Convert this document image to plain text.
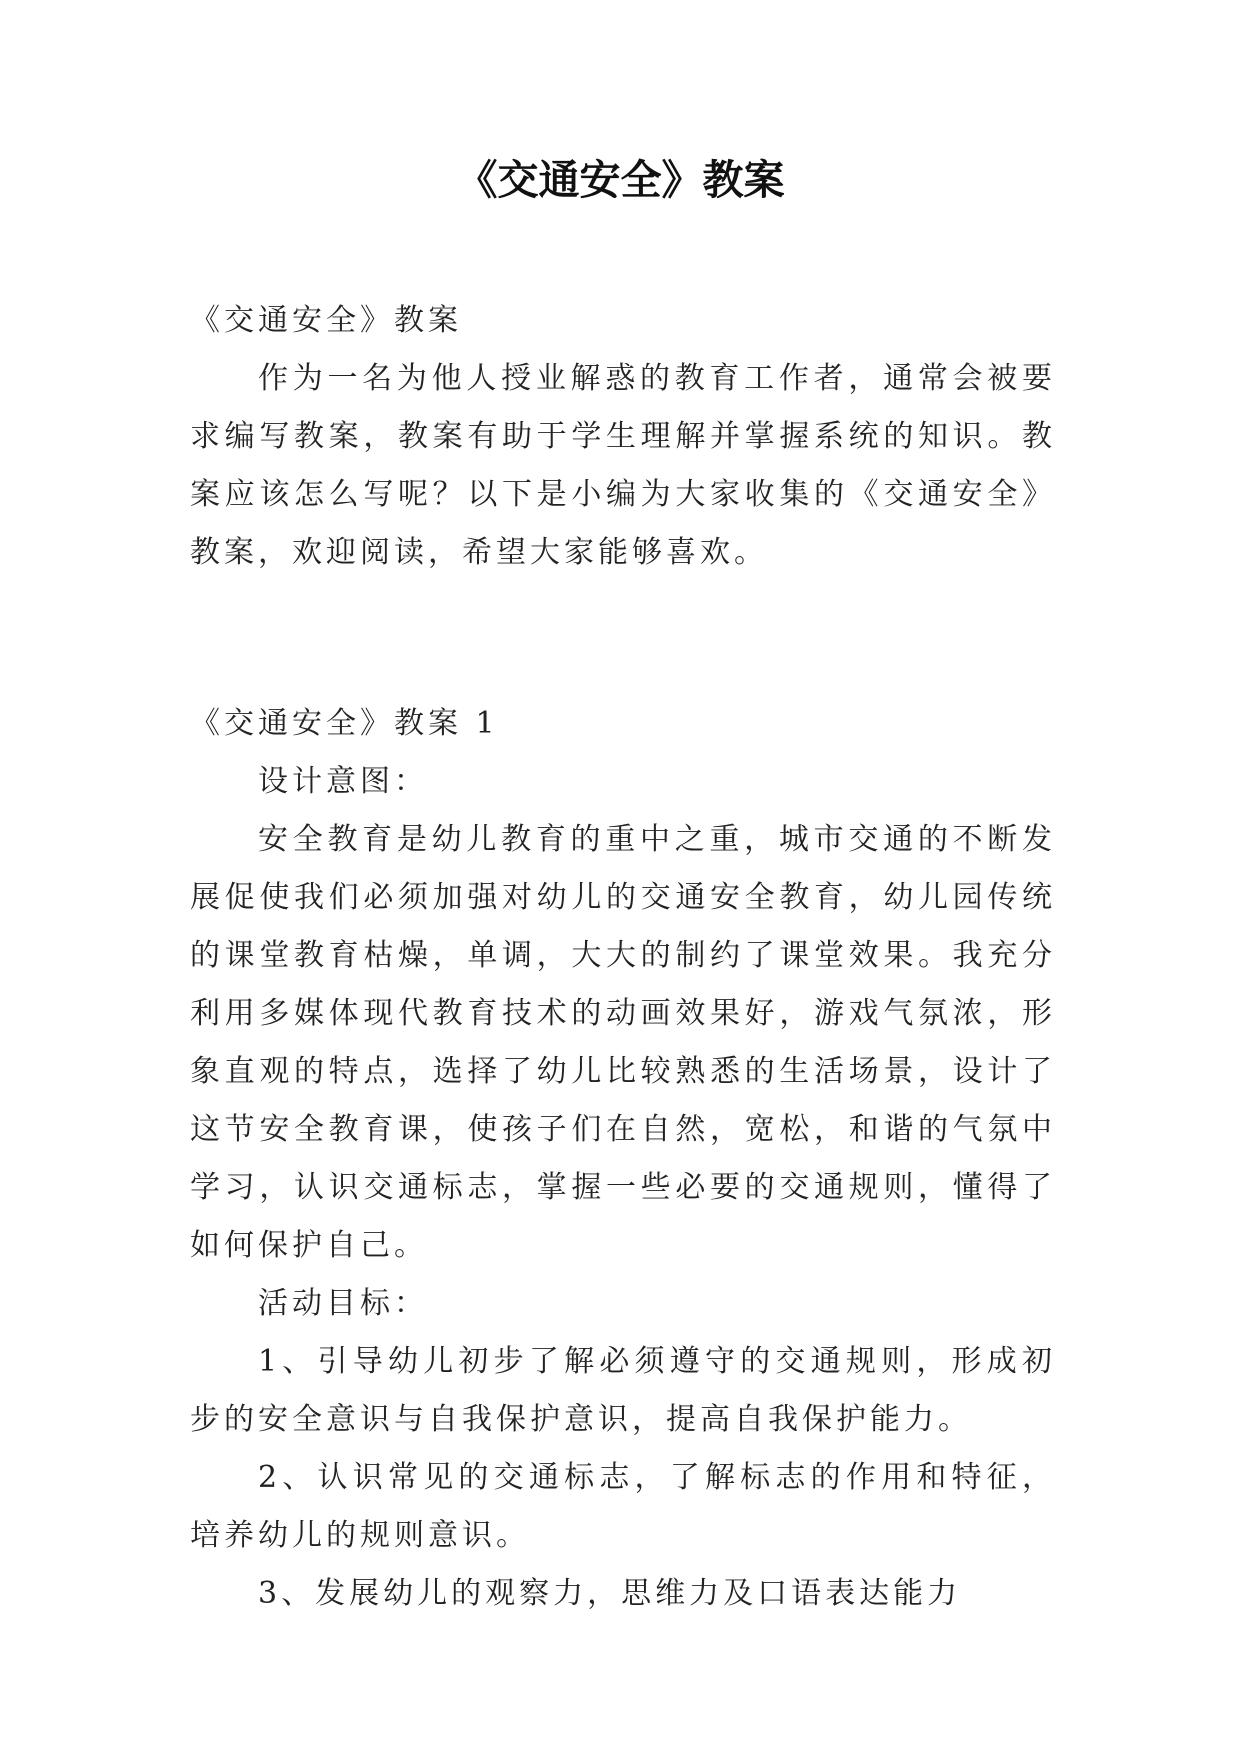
《交通安全》教案

《交通安全》教案

作为一名为他人授业解惑的教育工作者，通常会被要求编写教案，教案有助于学生理解并掌握系统的知识。教案应该怎么写呢？以下是小编为大家收集的《交通安全》教案，欢迎阅读，希望大家能够喜欢。

《交通安全》教案 1

设计意图：

安全教育是幼儿教育的重中之重，城市交通的不断发展促使我们必须加强对幼儿的交通安全教育，幼儿园传统的课堂教育枯燥，单调，大大的制约了课堂效果。我充分利用多媒体现代教育技术的动画效果好，游戏气氛浓，形象直观的特点，选择了幼儿比较熟悉的生活场景，设计了这节安全教育课，使孩子们在自然，宽松，和谐的气氛中学习，认识交通标志，掌握一些必要的交通规则，懂得了如何保护自己。

活动目标：

1、引导幼儿初步了解必须遵守的交通规则，形成初步的安全意识与自我保护意识，提高自我保护能力。

2、认识常见的交通标志，了解标志的作用和特征，培养幼儿的规则意识。

3、发展幼儿的观察力，思维力及口语表达能力
